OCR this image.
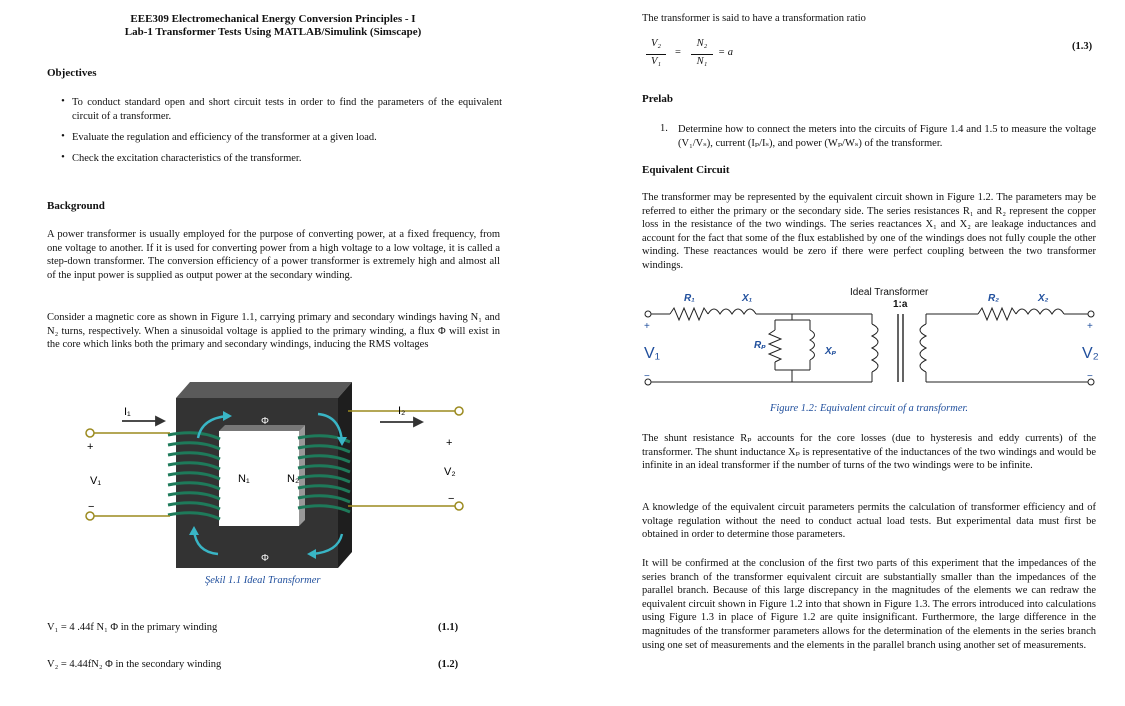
EEE309 Electromechanical Energy Conversion Principles - I
Lab-1 Transformer Tests Using MATLAB/Simulink (Simscape)
Objectives
• To conduct standard open and short circuit tests in order to find the parameters of the equivalent circuit of a transformer.
• Evaluate the regulation and efficiency of the transformer at a given load.
• Check the excitation characteristics of the transformer.
Background
A power transformer is usually employed for the purpose of converting power, at a fixed frequency, from one voltage to another. If it is used for converting power from a high voltage to a low voltage, it is called a step-down transformer. The conversion efficiency of a power transformer is extremely high and almost all of the input power is supplied as output power at the secondary winding.
Consider a magnetic core as shown in Figure 1.1, carrying primary and secondary windings having N₁ and N₂ turns, respectively. When a sinusoidal voltage is applied to the primary winding, a flux Φ will exist in the core which links both the primary and secondary windings, inducing the RMS voltages
I₁	I₂
+
V₁
−
+
V₂
−
N₁	N₂
Φ
Φ
Şekil 1.1 Ideal Transformer
V₁ = 4 .44f N₁ Φ in the primary winding	(1.1)
V₂ = 4.44fN₂ Φ in the secondary winding	(1.2)
The transformer is said to have a transformation ratio
V₂
V₁
=
N₂
N₁
= a
(1.3)
Prelab
1. Determine how to connect the meters into the circuits of Figure 1.4 and 1.5 to measure the voltage (V₁/Vₛ), current (Iₚ/Iₛ), and power (Wₚ/Wₛ) of the transformer.
Equivalent Circuit
The transformer may be represented by the equivalent circuit shown in Figure 1.2. The parameters may be referred to either the primary or the secondary side. The series resistances R₁ and R₂ represent the copper loss in the resistance of the two windings. The series reactances X₁ and X₂ are leakage inductances and account for the fact that some of the flux established by one of the windings does not fully couple the other winding. These reactances would be zero if there were perfect coupling between the two transformer windings.
R₁	X₁
Rₚ
Xₚ
R₂	X₂
Ideal Transformer
1:a
+
V₁
−
+
V₂
−
Figure 1.2: Equivalent circuit of a transformer.
The shunt resistance Rₚ accounts for the core losses (due to hysteresis and eddy currents) of the transformer. The shunt inductance Xₚ is representative of the inductances of the two windings and would be infinite in an ideal transformer if the number of turns of the two windings were to be infinite.
A knowledge of the equivalent circuit parameters permits the calculation of transformer efficiency and of voltage regulation without the need to conduct actual load tests. But experimental data must first be obtained in order to determine those parameters.
It will be confirmed at the conclusion of the first two parts of this experiment that the impedances of the series branch of the transformer equivalent circuit are substantially smaller than the impedances of the parallel branch. Because of this large discrepancy in the magnitudes of the elements we can redraw the equivalent circuit shown in Figure 1.2 into that shown in Figure 1.3. The errors introduced into calculations using Figure 1.3 in place of Figure 1.2 are quite insignificant. Furthermore, the large difference in the magnitudes of the transformer parameters allows for the determination of the elements in the series branch using one set of measurements and the elements in the parallel branch using another set of measurements.
